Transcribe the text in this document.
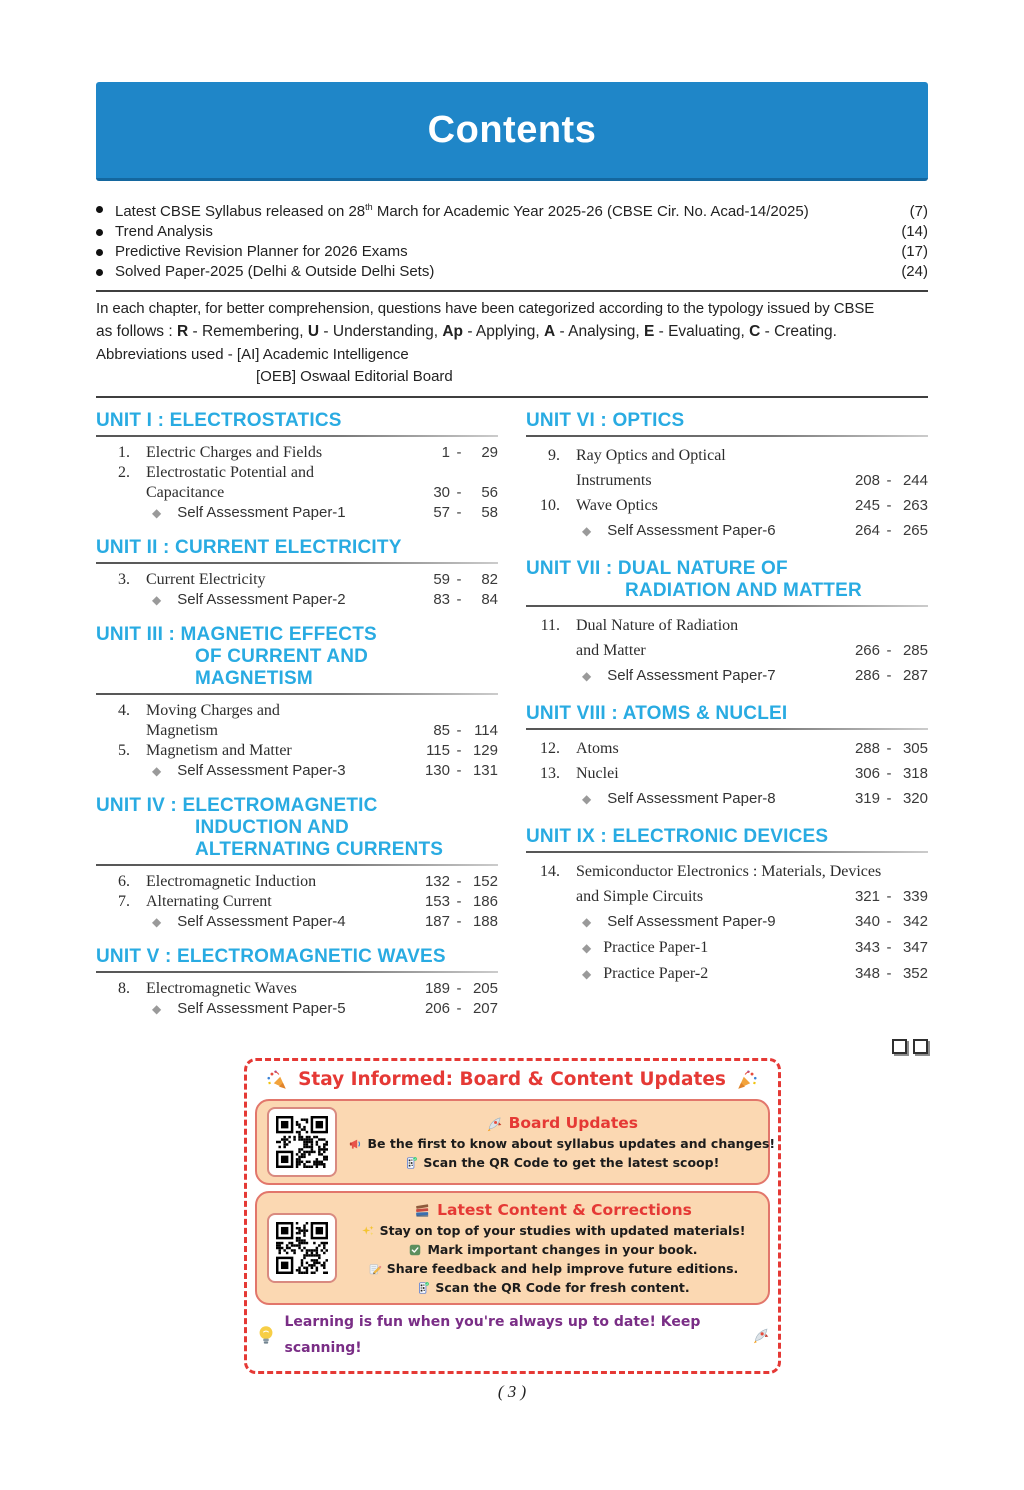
Contents
Latest CBSE Syllabus released on 28th March for Academic Year 2025-26 (CBSE Cir. No. Acad-14/2025)	(7)
Trend Analysis	(14)
Predictive Revision Planner for 2026 Exams	(17)
Solved Paper-2025 (Delhi & Outside Delhi Sets)	(24)
In each chapter, for better comprehension, questions have been categorized according to the typology issued by CBSE
as follows : R - Remembering, U - Understanding, Ap - Applying, A - Analysing, E - Evaluating, C - Creating.
Abbreviations used - [AI] Academic Intelligence
[OEB] Oswaal Editorial Board
UNIT I : ELECTROSTATICS
1. Electric Charges and Fields	1 -	29
2. Electrostatic Potential and
Capacitance	30 -	56
◆ Self Assessment Paper-1	57 -	58
UNIT II : CURRENT ELECTRICITY
3. Current Electricity	59 -	82
◆ Self Assessment Paper-2	83 -	84
UNIT III : MAGNETIC EFFECTS
OF CURRENT AND
MAGNETISM
4. Moving Charges and
Magnetism	85 - 114
5. Magnetism and Matter	115 - 129
◆ Self Assessment Paper-3	130 - 131
UNIT IV : ELECTROMAGNETIC
INDUCTION AND
ALTERNATING CURRENTS
6. Electromagnetic Induction	132 - 152
7. Alternating Current	153 - 186
◆ Self Assessment Paper-4	187 - 188
UNIT V : ELECTROMAGNETIC WAVES
8. Electromagnetic Waves	189 - 205
◆ Self Assessment Paper-5	206 - 207
UNIT VI : OPTICS
9. Ray Optics and Optical
Instruments	208 - 244
10. Wave Optics	245 - 263
◆ Self Assessment Paper-6	264 - 265
UNIT VII : DUAL NATURE OF
RADIATION AND MATTER
11. Dual Nature of Radiation
and Matter	266 - 285
◆ Self Assessment Paper-7	286 - 287
UNIT VIII : ATOMS & NUCLEI
12. Atoms	288 - 305
13. Nuclei	306 - 318
◆ Self Assessment Paper-8	319 - 320
UNIT IX : ELECTRONIC DEVICES
14. Semiconductor Electronics : Materials, Devices
and Simple Circuits	321 - 339
◆ Self Assessment Paper-9	340 - 342
◆ Practice Paper-1	343 - 347
◆ Practice Paper-2	348 - 352
Stay Informed: Board & Content Updates
Board Updates
Be the first to know about syllabus updates and changes!
Scan the QR Code to get the latest scoop!
Latest Content & Corrections
Stay on top of your studies with updated materials!
Mark important changes in your book.
Share feedback and help improve future editions.
Scan the QR Code for fresh content.
Learning is fun when you're always up to date! Keep scanning!
( 3 )
